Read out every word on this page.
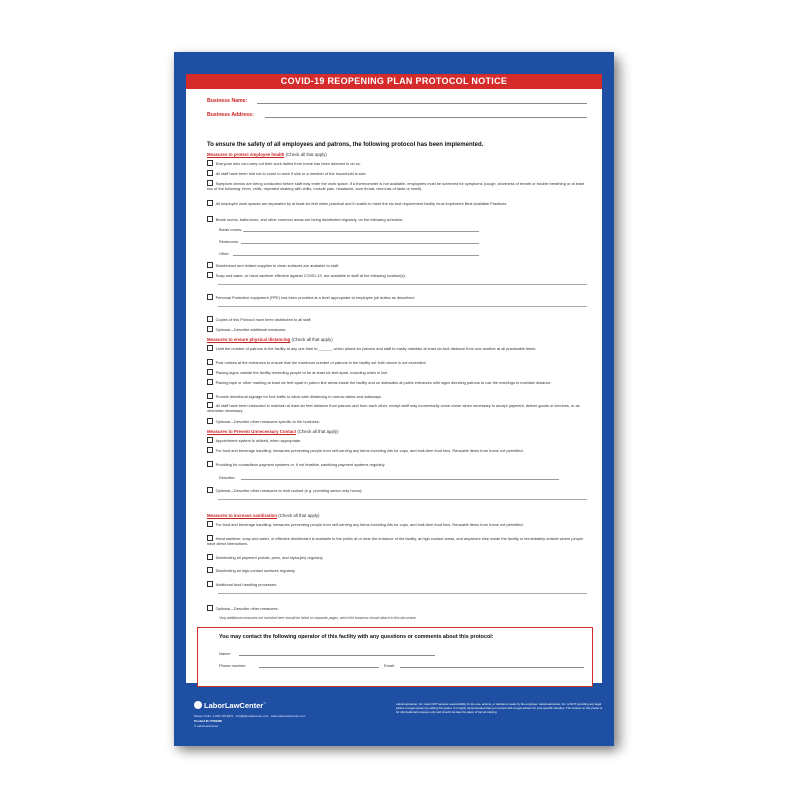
COVID-19 REOPENING PLAN PROTOCOL NOTICE
Business Name:
Business Address:
To ensure the safety of all employees and patrons, the following protocol has been implemented.
Measures to protect employee health (Check all that apply)
Everyone who can carry out their work duties from home has been directed to do so.
All staff have been told not to come to work if sick or a member of the household is sick.
Symptom checks are being conducted before staff may enter the work space. If a thermometer is not available, employees must be screened for symptoms (cough, shortness of breath or trouble breathing or at least two of the following: fever, chills, repeated shaking with chills, muscle pain, headache, sore throat, new loss of taste or smell).
All employee work spaces are separated by at least six feet when practical and if unable to meet the six-foot requirement facility must implement Best Available Practices.
Break rooms, bathrooms, and other common areas are being disinfected regularly, on the following schedule:
Break rooms:
Restrooms:
Other:
Disinfectant and related supplies to clean surfaces are available to staff.
Soap and water, or hand sanitizer effective against COVID-19, are available to staff at the following location(s):
Personal Protective equipment (PPE) has been provided at a level appropriate to employee job duties as described:
Copies of this Protocol have been distributed to all staff.
Optional—Describe additional measures:
Measures to ensure physical distancing (Check all that apply)
Limit the number of patrons in the facility at any one time to ______, which allows for patrons and staff to easily maintain at least six-foot distance from one another at all practicable times.
Post notices at the entrances to ensure that the maximum number of patrons in the facility set forth above is not exceeded.
Placing signs outside the facility reminding people to be at least six feet apart, including when in line.
Placing tape or other marking at least six feet apart in patron line areas inside the facility and on sidewalks at public entrances with signs directing patrons to use the markings to maintain distance.
Provide directional signage for foot traffic to allow safe distancing in narrow aisles and walkways.
All staff have been instructed to maintain at least six feet distance from patrons and from each other, except staff may momentarily come closer when necessary to accept payment, deliver goods or services, or as otherwise necessary.
Optional—Describe other measures specific to the business:
Measures to Prevent Unnecessary Contact (Check all that apply)
Appointment system is utilized, when appropriate.
For food and beverage handling: measures preventing people from self-serving any items including lids for cups, and bulk-item food bins. Reusable items from home not permitted.
Providing for contactless payment systems or, if not feasible, sanitizing payment systems regularly.
Describe:
Optional—Describe other measures to limit contact (e.g. providing senior-only hours):
Measures to increase sanitization (Check all that apply)
For food and beverage handling: measures preventing people from self-serving any items including lids for cups, and bulk-item food bins. Reusable items from home not permitted.
Hand sanitizer, soap and water, or effective disinfectant is available to the public at or near the entrance of the facility, at high contact areas, and anywhere else inside the facility or immediately outside where people have direct interactions.
Disinfecting all payment portals, pens, and stylus(es) regularly.
Disinfecting all high-contact surfaces regularly.
Additional food handling processes:
Optional—Describe other measures:
*Any additional measures not included here should be listed on separate pages, which the business should attach to this document.
You may contact the following operator of this facility with any questions or comments about this protocol:
Name:
Phone number:	Email:
LaborLawCenter™
Please Order: 1-800-745-9970 · info@laborlawcenter.com · www.LaborLawCenter.com
Product ID: P062380
© LaborLawCenter
LaborLawCenter, Inc. does NOT assume responsibility for the use, actions, or decisions made by the employer. LaborLawCenter, Inc. is NOT providing any legal advice or legal opinion by selling this poster. It is highly recommended that you consult with a legal advisor for your specific situation. The content on this poster is for informational purposes only and should not take the place of formal training.
